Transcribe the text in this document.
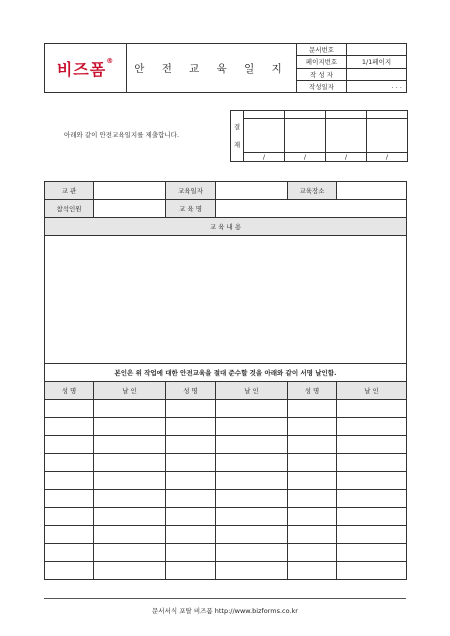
비즈폼®	안 전 교 육 일 지	문서번호	
		페이지번호	1/1페이지
		작 성 자	
		작성일자	. . .
아래와 같이 안전교육일지를 제출합니다.
결
재				

	/	/	/	/
교 관		교육일자		교육장소	
참석인원		교 육 명			
교 육 내 용					

본인은 위 작업에 대한 안전교육을 절대 준수할 것을 아래와 같이 서명 날인함.					
성 명	날 인	성 명	날 인	성 명	날 인

문서서식 포탈 비즈폼 http://www.bizforms.co.kr
